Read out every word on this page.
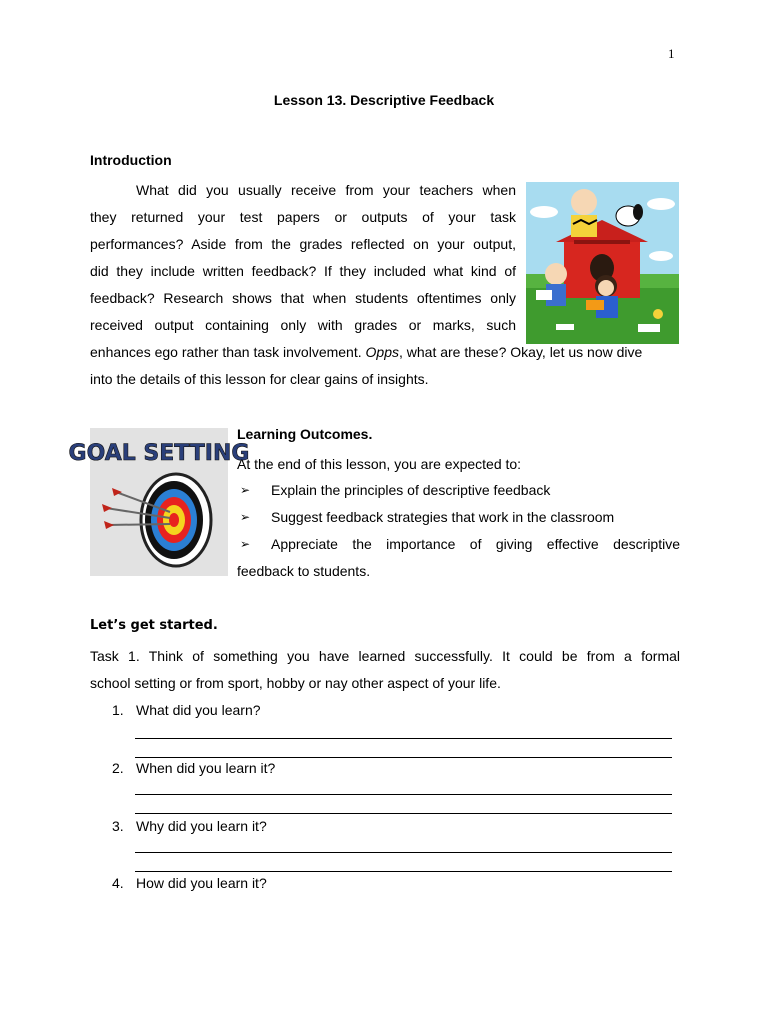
1
Lesson 13. Descriptive Feedback
Introduction
What did you usually receive from your teachers when
they returned your test papers or outputs of your task
performances? Aside from the grades reflected on your output,
did they include written feedback? If they included what kind of
feedback? Research shows that when students oftentimes only
received output containing only with grades or marks, such
enhances ego rather than task involvement. Opps, what are these? Okay, let us now dive
into the details of this lesson for clear gains of insights.
GOAL SETTING
Learning Outcomes.
At the end of this lesson, you are expected to:
➢ Explain the principles of descriptive feedback
➢ Suggest feedback strategies that work in the classroom
➢ Appreciate the importance of giving effective descriptive
feedback to students.
Let’s get started.
Task 1. Think of something you have learned successfully. It could be from a formal
school setting or from sport, hobby or nay other aspect of your life.
1. What did you learn?
2. When did you learn it?
3. Why did you learn it?
4. How did you learn it?
